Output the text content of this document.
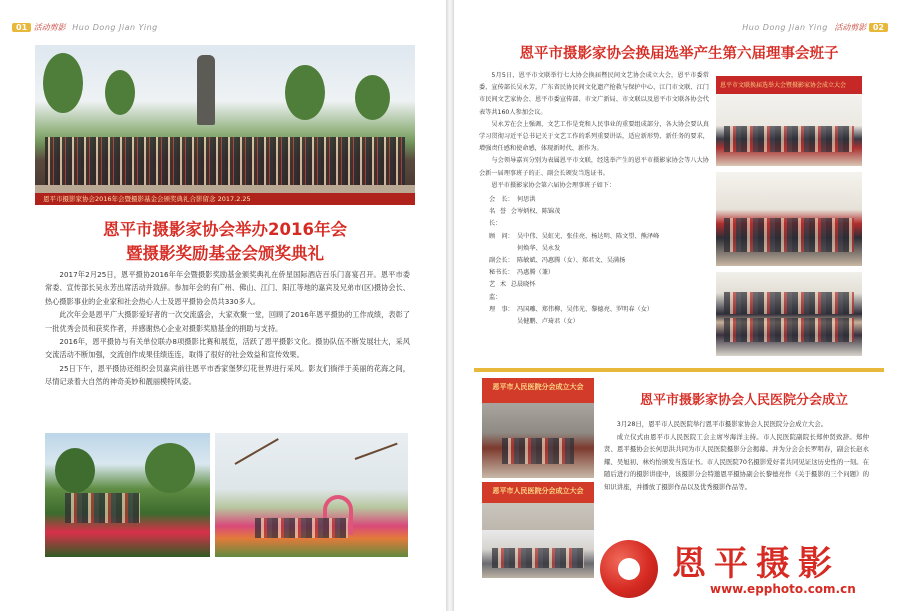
01 活动剪影 Huo Dong Jian Ying
恩平市摄影家协会2016年会暨摄影基金会颁奖典礼合影留念 2017.2.25
恩平市摄影家协会举办2016年会
暨摄影奖励基金会颁奖典礼

2017年2月25日，恩平摄协2016年年会暨摄影奖励基金颁奖典礼在侨星国际酒店百乐门喜宴召开。恩平市委常委、宣传部长吴永芳出席活动并致辞。参加年会的有广州、佛山、江门、阳江等地的嘉宾及兄弟市(区)摄协会长、热心摄影事业的企业家和社会热心人士及恩平摄协会员共330多人。

此次年会是恩平广大摄影爱好者的一次交流盛会，大家欢聚一堂，回顾了2016年恩平摄协的工作成绩，表彰了一批优秀会员和获奖作者，并感谢热心企业对摄影奖励基金的捐助与支持。

2016年，恩平摄协与有关单位联办8项摄影比赛和展览，活跃了恩平摄影文化。摄协队伍不断发展壮大，采风交流活动不断加强，交流创作成果佳绩连连，取得了很好的社会效益和宣传效果。

25日下午，恩平摄协还组织会员嘉宾前往恩平市香家堡梦幻花世界进行采风。影友们徜徉于美丽的花海之间，尽情记录着大自然的神奇美妙和靓丽模特风姿。

Huo Dong Jian Ying 活动剪影 02
恩平市摄影家协会换届选举产生第六届理事会班子

5月5日，恩平市文联举行七大协会换届暨民间文艺协会成立大会，恩平市委常委、宣传部长吴永芳，广东省民协民间文化遗产抢救与保护中心、江门市文联、江门市民间文艺家协会、恩平市委宣传部、市文广新局、市文联以及恩平市文联各协会代表等共160人参加会议。

吴永芳在会上强调，文艺工作是党和人民事业的重要组成部分，各大协会要认真学习贯彻习近平总书记关于文艺工作的系列重要讲话，适应新形势、新任务的要求，增强责任感和使命感，体现新时代、新作为。

与会领导嘉宾分别为表属恩平市文联，经选举产生的恩平市摄影家协会等八大协会新一届理事班子的正、副会长颁发当选证书。

恩平市摄影家协会第六届协会理事班子如下：

会　长： 何思洪
名誉会长：
岑炳权、陈锦茂
顾　问： 吴中伟、吴虹光、张佳亮、杨达明、陈文望、熊泽峰
何焕华、吴永发
副会长： 陈敏斌、冯惠腾（女）、郑君文、吴满扬
秘书长： 冯惠腾（兼）
艺术总监：
晨晓怀
理　事： 冯国雕、郑伟柳、吴伟光、黎德亮、罗明春（女）
吴健鹏、卢琦君（女）
恩平市文联换届选举大会暨摄影家协会成立大会
恩平市人民医院分会成立大会
恩平市人民医院分会成立大会
恩平市摄影家协会人民医院分会成立

3月28日，恩平市人民医院举行恩平市摄影家协会人民医院分会成立大会。

成立仪式由恩平市人民医院工会主席岑海洋主持。市人民医院副院长郑仲贤致辞。郑仲贤、恩平摄协会长何思洪共同为市人民医院摄影分会揭幕。并为分会会长罗明春，副会长赵永耀、吴旭初、林灼怡颁发当选证书。市人民医院70名摄影爱好者共同见证这历史性的一刻。在随后进行的摄影讲座中，该摄影分会特邀恩平摄协副会长黎德亮作《关于摄影的三个问题》的知识讲座，并播放了摄影作品以及优秀摄影作品等。

恩平摄影
www.epphoto.com.cn
